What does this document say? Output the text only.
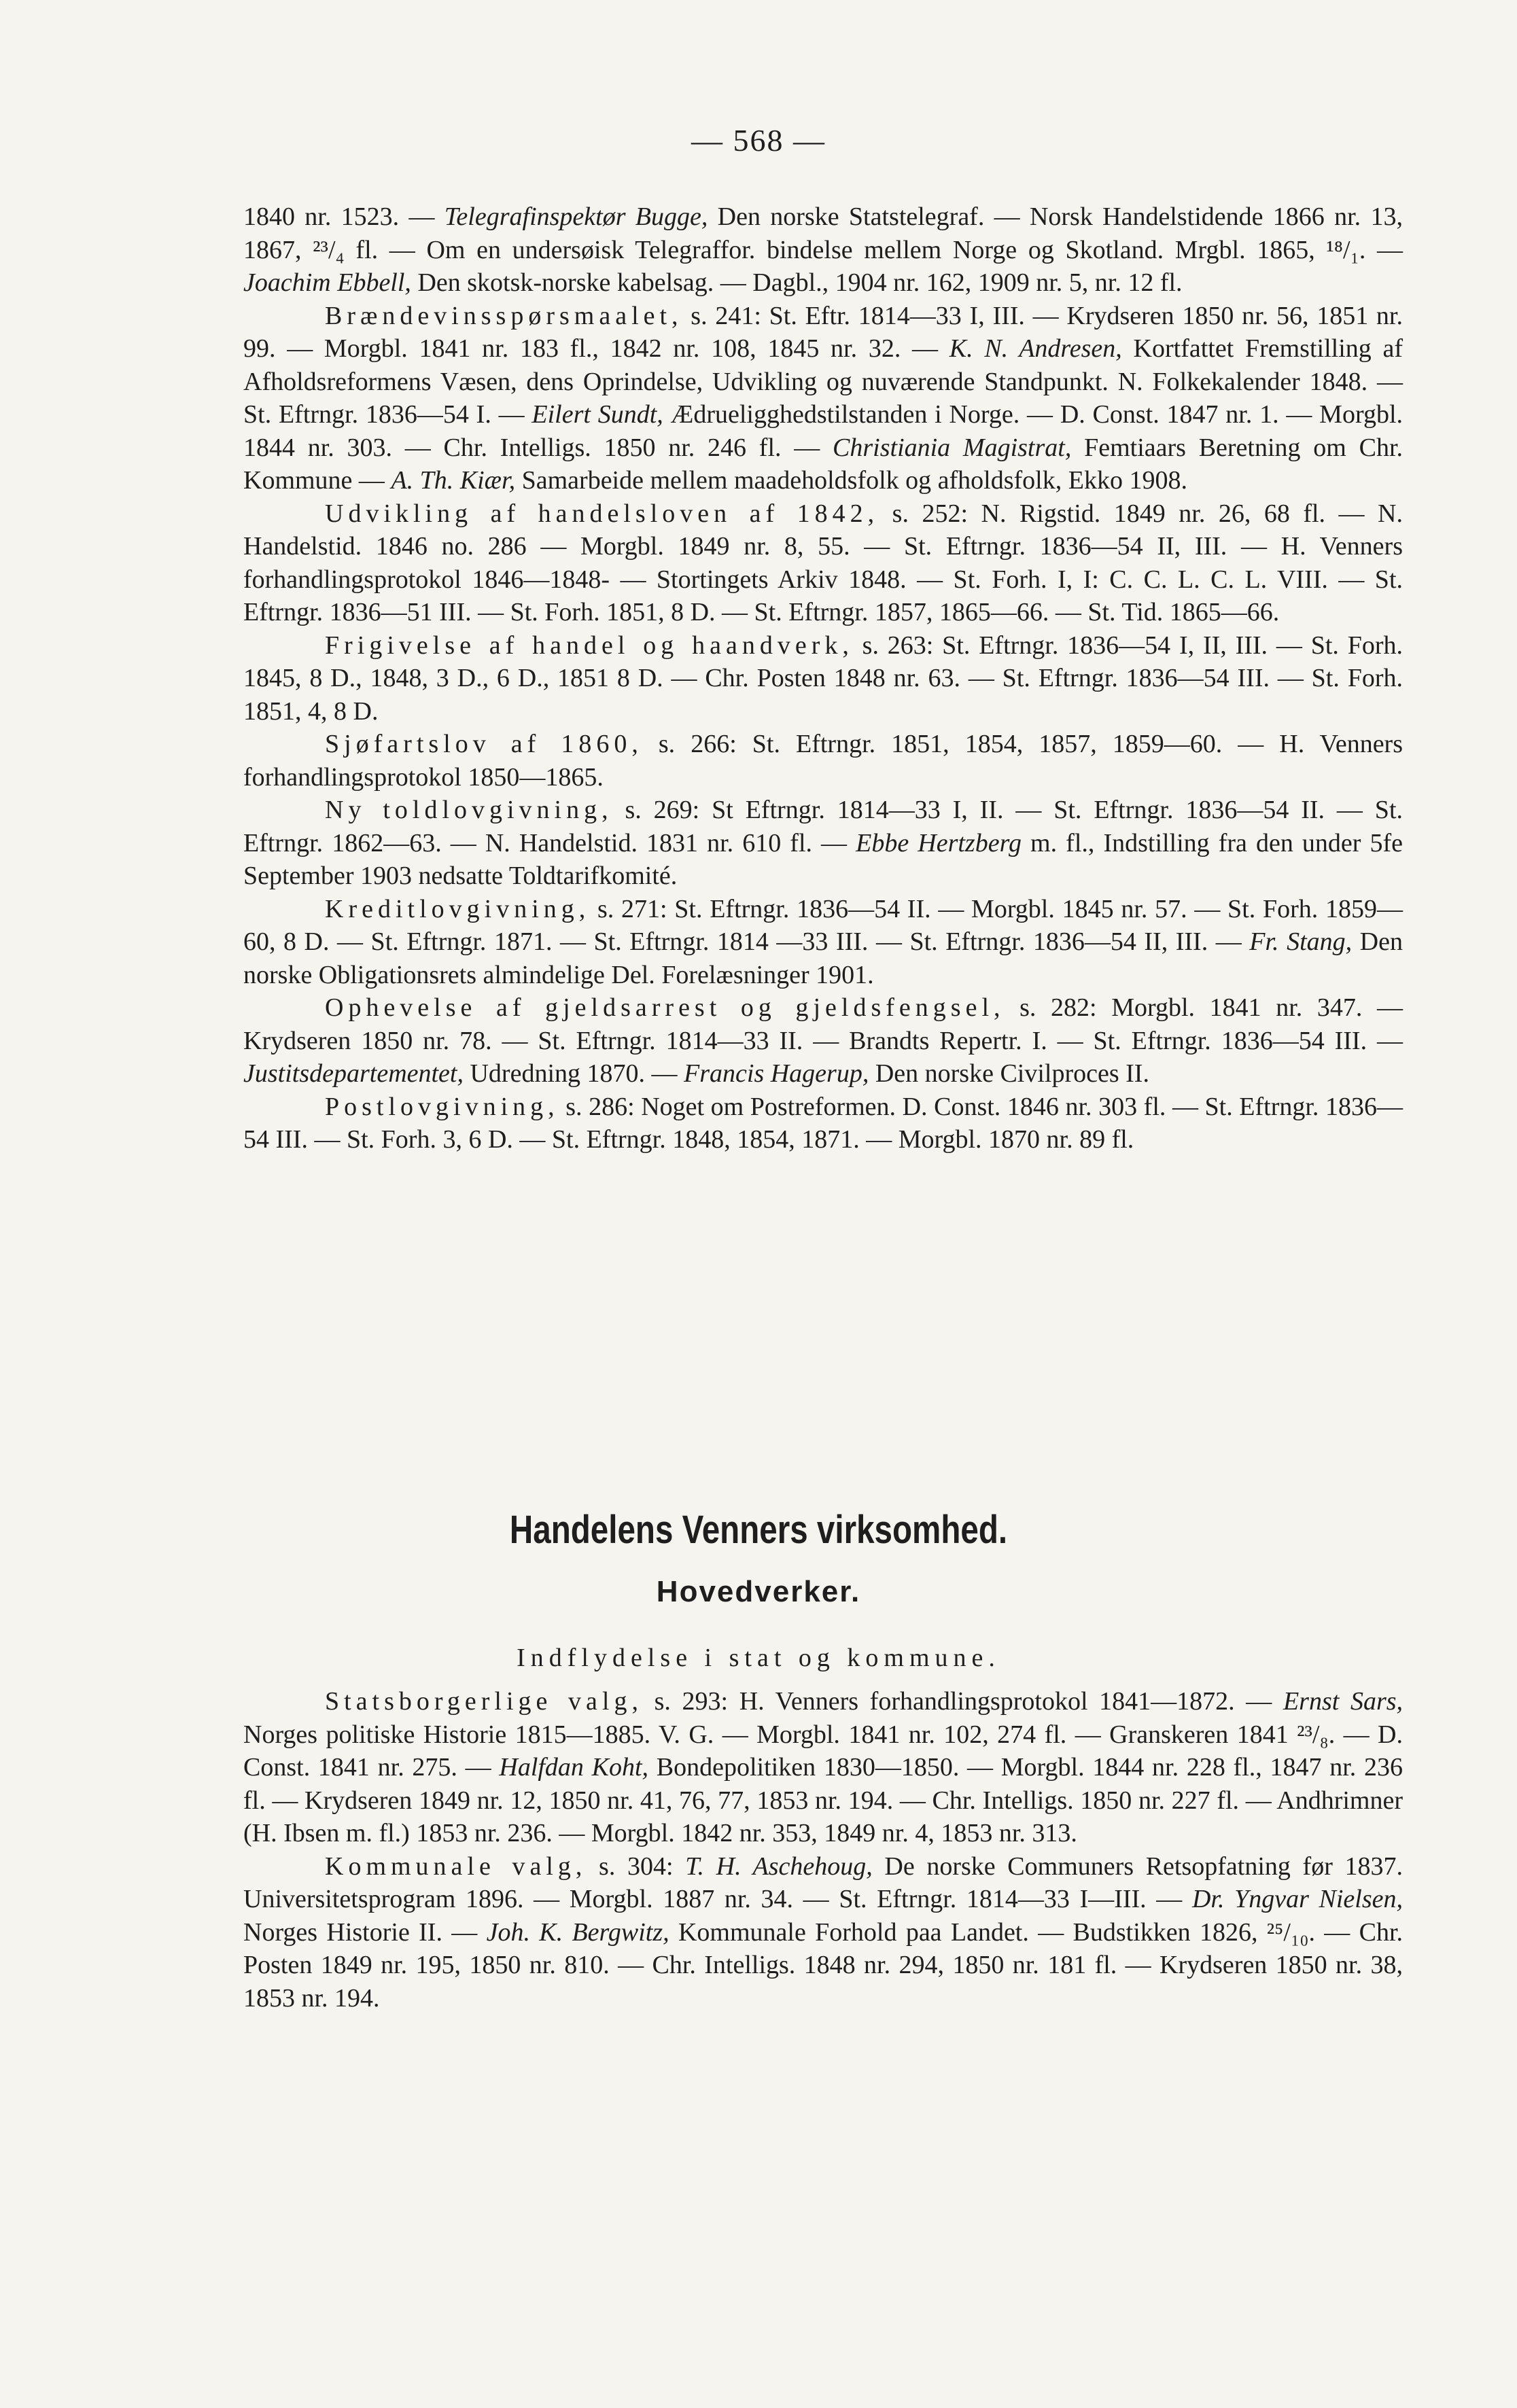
— 568 —

1840 nr. 1523. — Telegrafinspektør Bugge, Den norske Statstelegraf. — Norsk Handelstidende 1866 nr. 13, 1867, ²³/₄ fl. — Om en undersøisk Telegraffor. bindelse mellem Norge og Skotland. Mrgbl. 1865, ¹⁸/₁. — Joachim Ebbell, Den skotsk-norske kabelsag. — Dagbl., 1904 nr. 162, 1909 nr. 5, nr. 12 fl.

Brændevinsspørsmaalet, s. 241: St. Eftr. 1814—33 I, III. — Krydseren 1850 nr. 56, 1851 nr. 99. — Morgbl. 1841 nr. 183 fl., 1842 nr. 108, 1845 nr. 32. — K. N. Andresen, Kortfattet Fremstilling af Afholdsreformens Væsen, dens Oprindelse, Udvikling og nuværende Standpunkt. N. Folkekalender 1848. — St. Eftrngr. 1836—54 I. — Eilert Sundt, Ædrueligghedstilstanden i Norge. — D. Const. 1847 nr. 1. — Morgbl. 1844 nr. 303. — Chr. Intelligs. 1850 nr. 246 fl. — Christiania Magistrat, Femtiaars Beretning om Chr. Kommune — A. Th. Kiær, Samarbeide mellem maadeholdsfolk og afholdsfolk, Ekko 1908.

Udvikling af handelsloven af 1842, s. 252: N. Rigstid. 1849 nr. 26, 68 fl. — N. Handelstid. 1846 no. 286 — Morgbl. 1849 nr. 8, 55. — St. Eftrngr. 1836—54 II, III. — H. Venners forhandlingsprotokol 1846—1848- — Stortingets Arkiv 1848. — St. Forh. I, I: C. C. L. C. L. VIII. — St. Eftrngr. 1836—51 III. — St. Forh. 1851, 8 D. — St. Eftrngr. 1857, 1865—66. — St. Tid. 1865—66.

Frigivelse af handel og haandverk, s. 263: St. Eftrngr. 1836—54 I, II, III. — St. Forh. 1845, 8 D., 1848, 3 D., 6 D., 1851 8 D. — Chr. Posten 1848 nr. 63. — St. Eftrngr. 1836—54 III. — St. Forh. 1851, 4, 8 D.

Sjøfartslov af 1860, s. 266: St. Eftrngr. 1851, 1854, 1857, 1859—60. — H. Venners forhandlingsprotokol 1850—1865.

Ny toldlovgivning, s. 269: St Eftrngr. 1814—33 I, II. — St. Eftrngr. 1836—54 II. — St. Eftrngr. 1862—63. — N. Handelstid. 1831 nr. 610 fl. — Ebbe Hertzberg m. fl., Indstilling fra den under 5fe September 1903 nedsatte Toldtarifkomité.

Kreditlovgivning, s. 271: St. Eftrngr. 1836—54 II. — Morgbl. 1845 nr. 57. — St. Forh. 1859—60, 8 D. — St. Eftrngr. 1871. — St. Eftrngr. 1814 —33 III. — St. Eftrngr. 1836—54 II, III. — Fr. Stang, Den norske Obligationsrets almindelige Del. Forelæsninger 1901.

Ophevelse af gjeldsarrest og gjeldsfengsel, s. 282: Morgbl. 1841 nr. 347. — Krydseren 1850 nr. 78. — St. Eftrngr. 1814—33 II. — Brandts Repertr. I. — St. Eftrngr. 1836—54 III. — Justitsdepartementet, Udredning 1870. — Francis Hagerup, Den norske Civilproces II.

Postlovgivning, s. 286: Noget om Postreformen. D. Const. 1846 nr. 303 fl. — St. Eftrngr. 1836—54 III. — St. Forh. 3, 6 D. — St. Eftrngr. 1848, 1854, 1871. — Morgbl. 1870 nr. 89 fl.

Handelens Venners virksomhed.
Hovedverker.
Indflydelse i stat og kommune.

Statsborgerlige valg, s. 293: H. Venners forhandlingsprotokol 1841—1872. — Ernst Sars, Norges politiske Historie 1815—1885. V. G. — Morgbl. 1841 nr. 102, 274 fl. — Granskeren 1841 ²³/₈. — D. Const. 1841 nr. 275. — Halfdan Koht, Bondepolitiken 1830—1850. — Morgbl. 1844 nr. 228 fl., 1847 nr. 236 fl. — Krydseren 1849 nr. 12, 1850 nr. 41, 76, 77, 1853 nr. 194. — Chr. Intelligs. 1850 nr. 227 fl. — Andhrimner (H. Ibsen m. fl.) 1853 nr. 236. — Morgbl. 1842 nr. 353, 1849 nr. 4, 1853 nr. 313.

Kommunale valg, s. 304: T. H. Aschehoug, De norske Communers Retsopfatning før 1837. Universitetsprogram 1896. — Morgbl. 1887 nr. 34. — St. Eftrngr. 1814—33 I—III. — Dr. Yngvar Nielsen, Norges Historie II. — Joh. K. Bergwitz, Kommunale Forhold paa Landet. — Budstikken 1826, ²⁵/₁₀. — Chr. Posten 1849 nr. 195, 1850 nr. 810. — Chr. Intelligs. 1848 nr. 294, 1850 nr. 181 fl. — Krydseren 1850 nr. 38, 1853 nr. 194.
